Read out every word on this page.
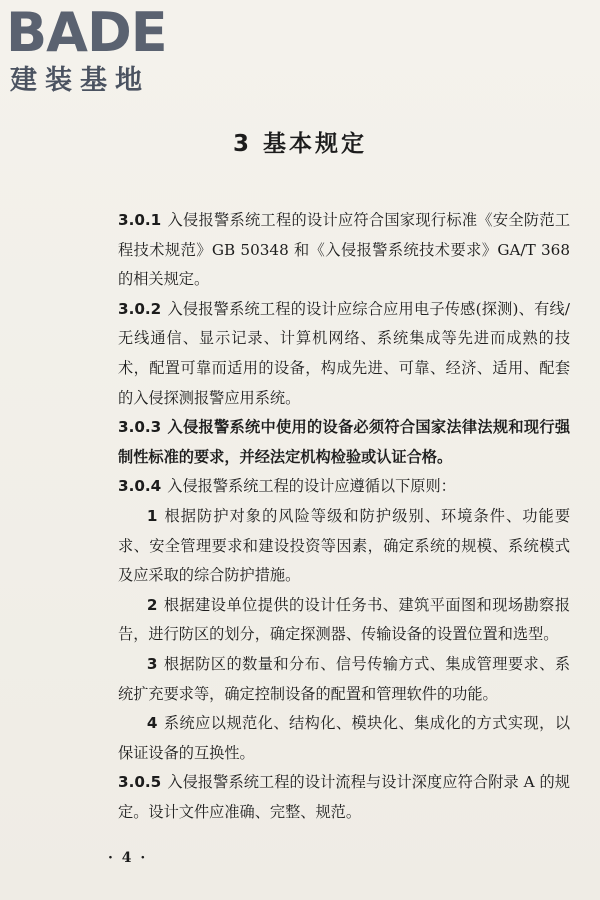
BADE
建装基地
3 基本规定

3.0.1 入侵报警系统工程的设计应符合国家现行标准《安全防范工程技术规范》GB 50348 和《入侵报警系统技术要求》GA/T 368 的相关规定。

3.0.2 入侵报警系统工程的设计应综合应用电子传感(探测)、有线/无线通信、显示记录、计算机网络、系统集成等先进而成熟的技术，配置可靠而适用的设备，构成先进、可靠、经济、适用、配套的入侵探测报警应用系统。

3.0.3 入侵报警系统中使用的设备必须符合国家法律法规和现行强制性标准的要求，并经法定机构检验或认证合格。

3.0.4 入侵报警系统工程的设计应遵循以下原则：

1 根据防护对象的风险等级和防护级别、环境条件、功能要求、安全管理要求和建设投资等因素，确定系统的规模、系统模式及应采取的综合防护措施。

2 根据建设单位提供的设计任务书、建筑平面图和现场勘察报告，进行防区的划分，确定探测器、传输设备的设置位置和选型。

3 根据防区的数量和分布、信号传输方式、集成管理要求、系统扩充要求等，确定控制设备的配置和管理软件的功能。

4 系统应以规范化、结构化、模块化、集成化的方式实现，以保证设备的互换性。

3.0.5 入侵报警系统工程的设计流程与设计深度应符合附录 A 的规定。设计文件应准确、完整、规范。

· 4 ·
